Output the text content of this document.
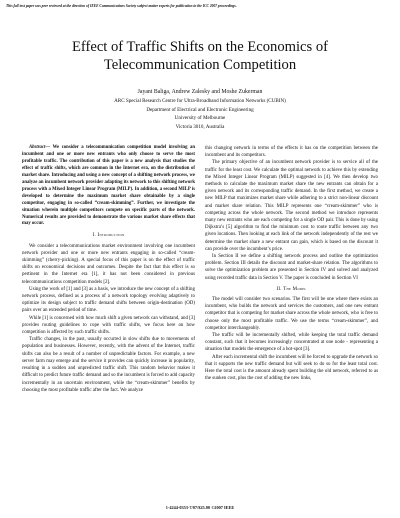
This full text paper was peer reviewed at the direction of IEEE Communications Society subject matter experts for publication in the ICC 2007 proceedings.
Effect of Traffic Shifts on the Economics of
Telecommunication Competition
Jayant Baliga, Andrew Zalesky and Moshe Zukerman
ARC Special Research Centre for Ultra-Broadband Information Networks (CUBIN)
Department of Electrical and Electronic Engineering
University of Melbourne
Victoria 3010, Australia

Abstract— We consider a telecommunication competition model involving an incumbent and one or more new entrants who only choose to serve the most profitable traffic. The contribution of this paper is a new analysis that studies the effect of traffic shifts, which are common in the Internet era, on the distribution of market share. Introducing and using a new concept of a shifting network process, we analyze an incumbent network provider adapting its network to this shifting network process with a Mixed Integer Linear Program (MILP). In addition, a second MILP is developed to determine the maximum market share obtainable by a single competitor, engaging in so-called “cream-skimming”. Further, we investigate the situation wherein multiple competitors compete on specific parts of the network. Numerical results are provided to demonstrate the various market share effects that may occur.

I. Introduction

We consider a telecommunications market environment involving one incumbent network provider and one or more new entrants engaging in so-called “cream-skimming” (cherry-picking). A special focus of this paper is on the effect of traffic shifts on economical decisions and outcomes. Despite the fact that this effect is so pertinent in the Internet era [1], it has not been considered in previous telecommunications competition models [2].

Using the work of [1] and [3] as a basis, we introduce the new concept of a shifting network process, defined as a process of a network topology evolving adaptively to optimize its design subject to traffic demand shifts between origin-destination (OD) pairs over an extended period of time.

While [1] is concerned with how much shift a given network can withstand, and [3] provides routing guidelines to cope with traffic shifts, we focus here on how competition is affected by such traffic shifts.

Traffic changes, in the past, usually occurred in slow shifts due to movements of population and businesses. However, recently, with the advent of the Internet, traffic shifts can also be a result of a number of unpredictable factors. For example, a new server farm may emerge and the service it provides can quickly increase in popularity, resulting in a sudden and unpredicted traffic shift. This random behavior makes it difficult to predict future traffic demand and so the incumbent is forced to add capacity incrementally in an uncertain environment, while the “cream-skimmer” benefits by choosing the most profitable traffic after the fact. We analyze

this changing network in terms of the effects it has on the competition between the incumbent and its competitors.

The primary objective of an incumbent network provider is to service all of the traffic for the least cost. We calculate the optimal network to achieve this by extending the Mixed Integer Linear Program (MILP) suggested in [4]. We then develop two methods to calculate the maximum market share the new entrants can obtain for a given network and its corresponding traffic demand. In the first method, we create a new MILP that maximizes market share while adhering to a strict non-linear discount and market share relation. This MILP represents one “cream-skimmer” who is competing across the whole network. The second method we introduce represents many new entrants who are each competing for a single OD pair. This is done by using Dijkstra’s [5] algorithm to find the minimum cost to route traffic between any two given locations. Then looking at each link of the network independently of the rest we determine the market share a new entrant can gain, which is based on the discount it can provide over the incumbent’s price.

In Section II we define a shifting network process and outline the optimization problem. Section III details the discount and market-share relation. The algorithms to solve the optimization problem are presented in Section IV and solved and analyzed using recorded traffic data in Section V. The paper is concluded in Section VI

II. The Model

The model will consider two scenarios. The first will be one where there exists an incumbent, who builds the network and services the customers, and one new entrant competitor that is competing for market share across the whole network, who is free to choose only the most profitable traffic. We use the terms “cream-skimmer”, and competitor interchangeably.

The traffic will be incrementally shifted, while keeping the total traffic demand constant, such that it becomes increasingly concentrated at one node - representing a situation that models the emergence of a hot-spot [3].

After each incremental shift the incumbent will be forced to upgrade the network so that it supports the new traffic demand but will seek to do so for the least total cost. Here the total cost is the amount already spent building the old network, referred to as the sunken cost, plus the cost of adding the new links,

1-4244-0353-7/07/$25.00 ©2007 IEEE
